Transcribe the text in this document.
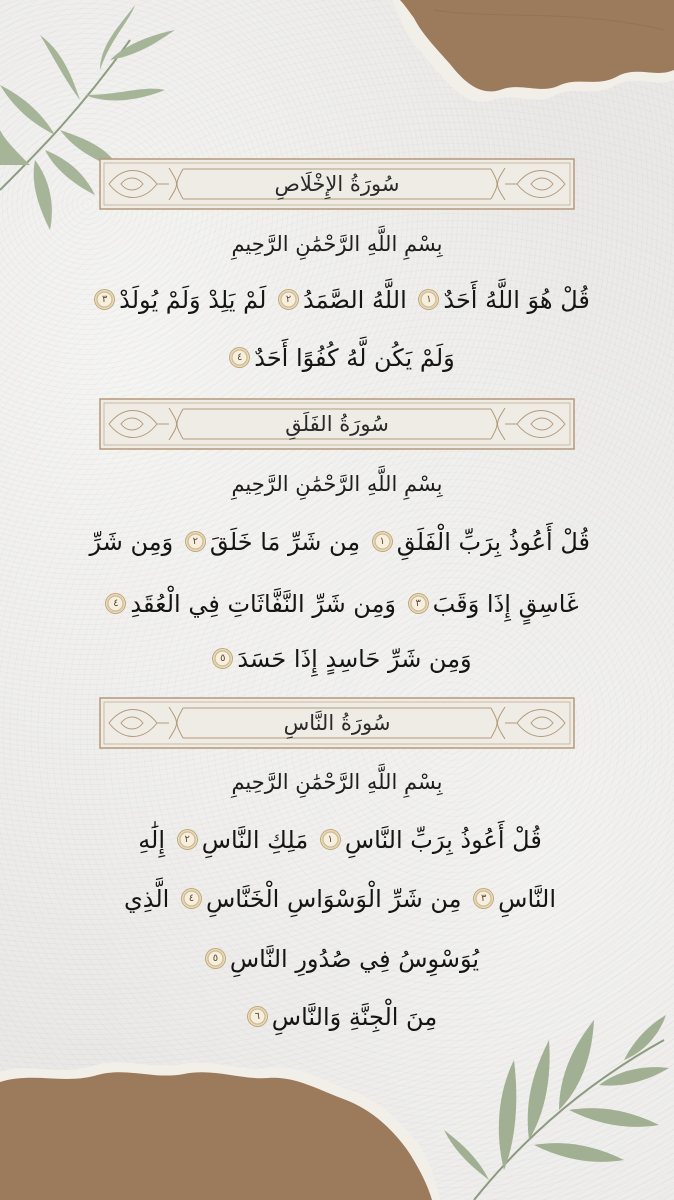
سُورَةُ الإِخْلَاصِ
بِسْمِ اللَّهِ الرَّحْمَٰنِ الرَّحِيمِ
قُلْ هُوَ اللَّهُ أَحَدٌ١ اللَّهُ الصَّمَدُ٢ لَمْ يَلِدْ وَلَمْ يُولَدْ٣
وَلَمْ يَكُن لَّهُ كُفُوًا أَحَدٌ٤
سُورَةُ الفَلَقِ
بِسْمِ اللَّهِ الرَّحْمَٰنِ الرَّحِيمِ
قُلْ أَعُوذُ بِرَبِّ الْفَلَقِ١ مِن شَرِّ مَا خَلَقَ٢ وَمِن شَرِّ
غَاسِقٍ إِذَا وَقَبَ٣ وَمِن شَرِّ النَّفَّاثَاتِ فِي الْعُقَدِ٤
وَمِن شَرِّ حَاسِدٍ إِذَا حَسَدَ٥
سُورَةُ النَّاسِ
بِسْمِ اللَّهِ الرَّحْمَٰنِ الرَّحِيمِ
قُلْ أَعُوذُ بِرَبِّ النَّاسِ١ مَلِكِ النَّاسِ٢ إِلَٰهِ
النَّاسِ٣ مِن شَرِّ الْوَسْوَاسِ الْخَنَّاسِ٤ الَّذِي
يُوَسْوِسُ فِي صُدُورِ النَّاسِ٥
مِنَ الْجِنَّةِ وَالنَّاسِ٦
